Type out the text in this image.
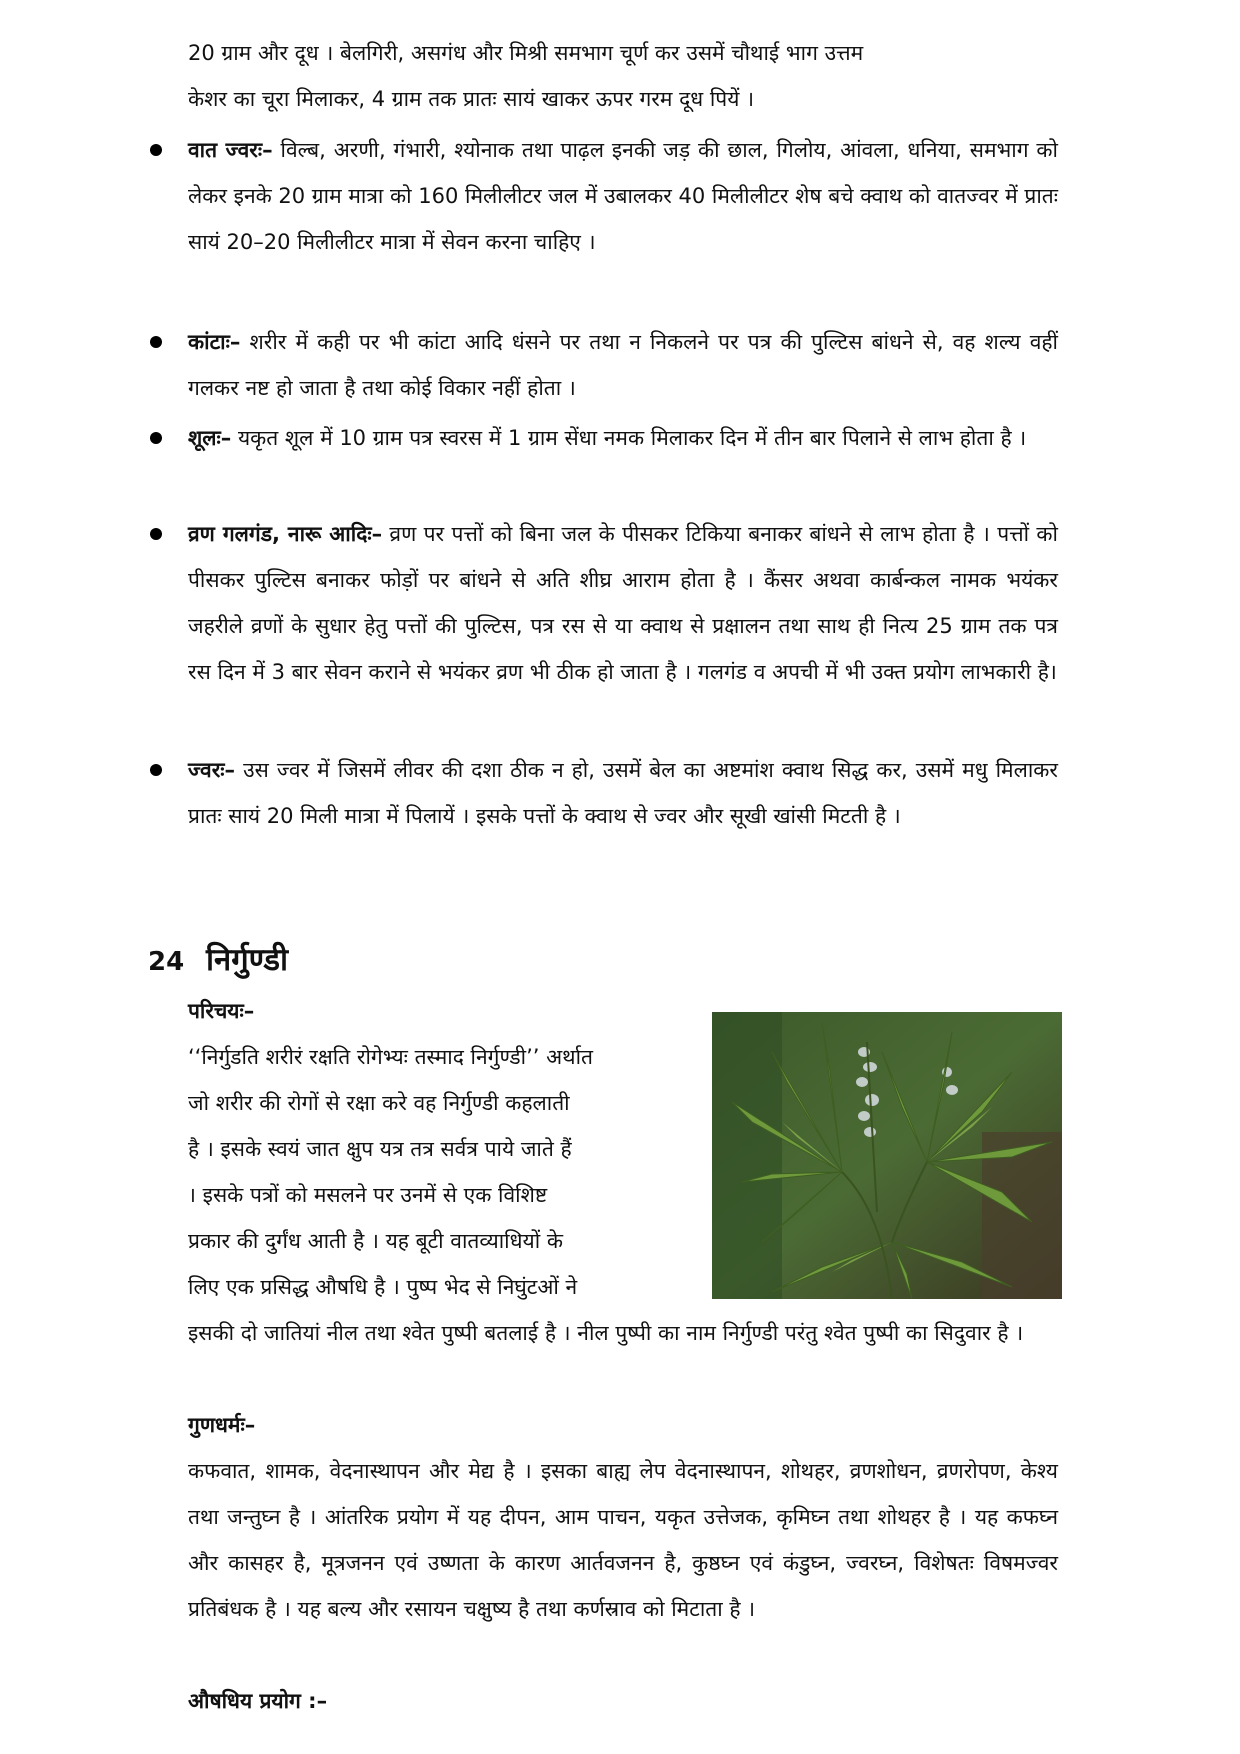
20 ग्राम और दूध । बेलगिरी, असगंध और मिश्री समभाग चूर्ण कर उसमें चौथाई भाग उत्तम
केशर का चूरा मिलाकर, 4 ग्राम तक प्रातः सायं खाकर ऊपर गरम दूध पियें ।
वात ज्वरः– विल्ब, अरणी, गंभारी, श्योनाक तथा पाढ़ल इनकी जड़ की छाल, गिलोय, आंवला, धनिया, समभाग को लेकर इनके 20 ग्राम मात्रा को 160 मिलीलीटर जल में उबालकर 40 मिलीलीटर शेष बचे क्वाथ को वातज्वर में प्रातः सायं 20–20 मिलीलीटर मात्रा में सेवन करना चाहिए ।
कांटाः– शरीर में कही पर भी कांटा आदि धंसने पर तथा न निकलने पर पत्र की पुल्टिस बांधने से, वह शल्य वहीं गलकर नष्ट हो जाता है तथा कोई विकार नहीं होता ।
शूलः– यकृत शूल में 10 ग्राम पत्र स्वरस में 1 ग्राम सेंधा नमक मिलाकर दिन में तीन बार पिलाने से लाभ होता है ।
व्रण गलगंड, नारू आदिः– व्रण पर पत्तों को बिना जल के पीसकर टिकिया बनाकर बांधने से लाभ होता है । पत्तों को पीसकर पुल्टिस बनाकर फोड़ों पर बांधने से अति शीघ्र आराम होता है । कैंसर अथवा कार्बन्कल नामक भयंकर जहरीले व्रणों के सुधार हेतु पत्तों की पुल्टिस, पत्र रस से या क्वाथ से प्रक्षालन तथा साथ ही नित्य 25 ग्राम तक पत्र रस दिन में 3 बार सेवन कराने से भयंकर व्रण भी ठीक हो जाता है । गलगंड व अपची में भी उक्त प्रयोग लाभकारी है।
ज्वरः– उस ज्वर में जिसमें लीवर की दशा ठीक न हो, उसमें बेल का अष्टमांश क्वाथ सिद्ध कर, उसमें मधु मिलाकर प्रातः सायं 20 मिली मात्रा में पिलायें । इसके पत्तों के क्वाथ से ज्वर और सूखी खांसी मिटती है ।
24 निर्गुण्डी
परिचयः–
‘‘निर्गुडति शरीरं रक्षति रोगेभ्यः तस्माद निर्गुण्डी’’ अर्थात
जो शरीर की रोगों से रक्षा करे वह निर्गुण्डी कहलाती
है । इसके स्वयं जात क्षुप यत्र तत्र सर्वत्र पाये जाते हैं
। इसके पत्रों को मसलने पर उनमें से एक विशिष्ट
प्रकार की दुर्गंध आती है । यह बूटी वातव्याधियों के
लिए एक प्रसिद्ध औषधि है । पुष्प भेद से निघुंटओं ने
इसकी दो जातियां नील तथा श्वेत पुष्पी बतलाई है । नील पुष्पी का नाम निर्गुण्डी परंतु श्वेत पुष्पी का सिदुवार है ।
गुणधर्मः–
कफवात, शामक, वेदनास्थापन और मेद्य है । इसका बाह्य लेप वेदनास्थापन, शोथहर, व्रणशोधन, व्रणरोपण, केश्य तथा जन्तुघ्न है । आंतरिक प्रयोग में यह दीपन, आम पाचन, यकृत उत्तेजक, कृमिघ्न तथा शोथहर है । यह कफघ्न और कासहर है, मूत्रजनन एवं उष्णता के कारण आर्तवजनन है, कुष्ठघ्न एवं कंडुघ्न, ज्वरघ्न, विशेषतः विषमज्वर प्रतिबंधक है । यह बल्य और रसायन चक्षुष्य है तथा कर्णस्राव को मिटाता है ।
औषधिय प्रयोग :–
